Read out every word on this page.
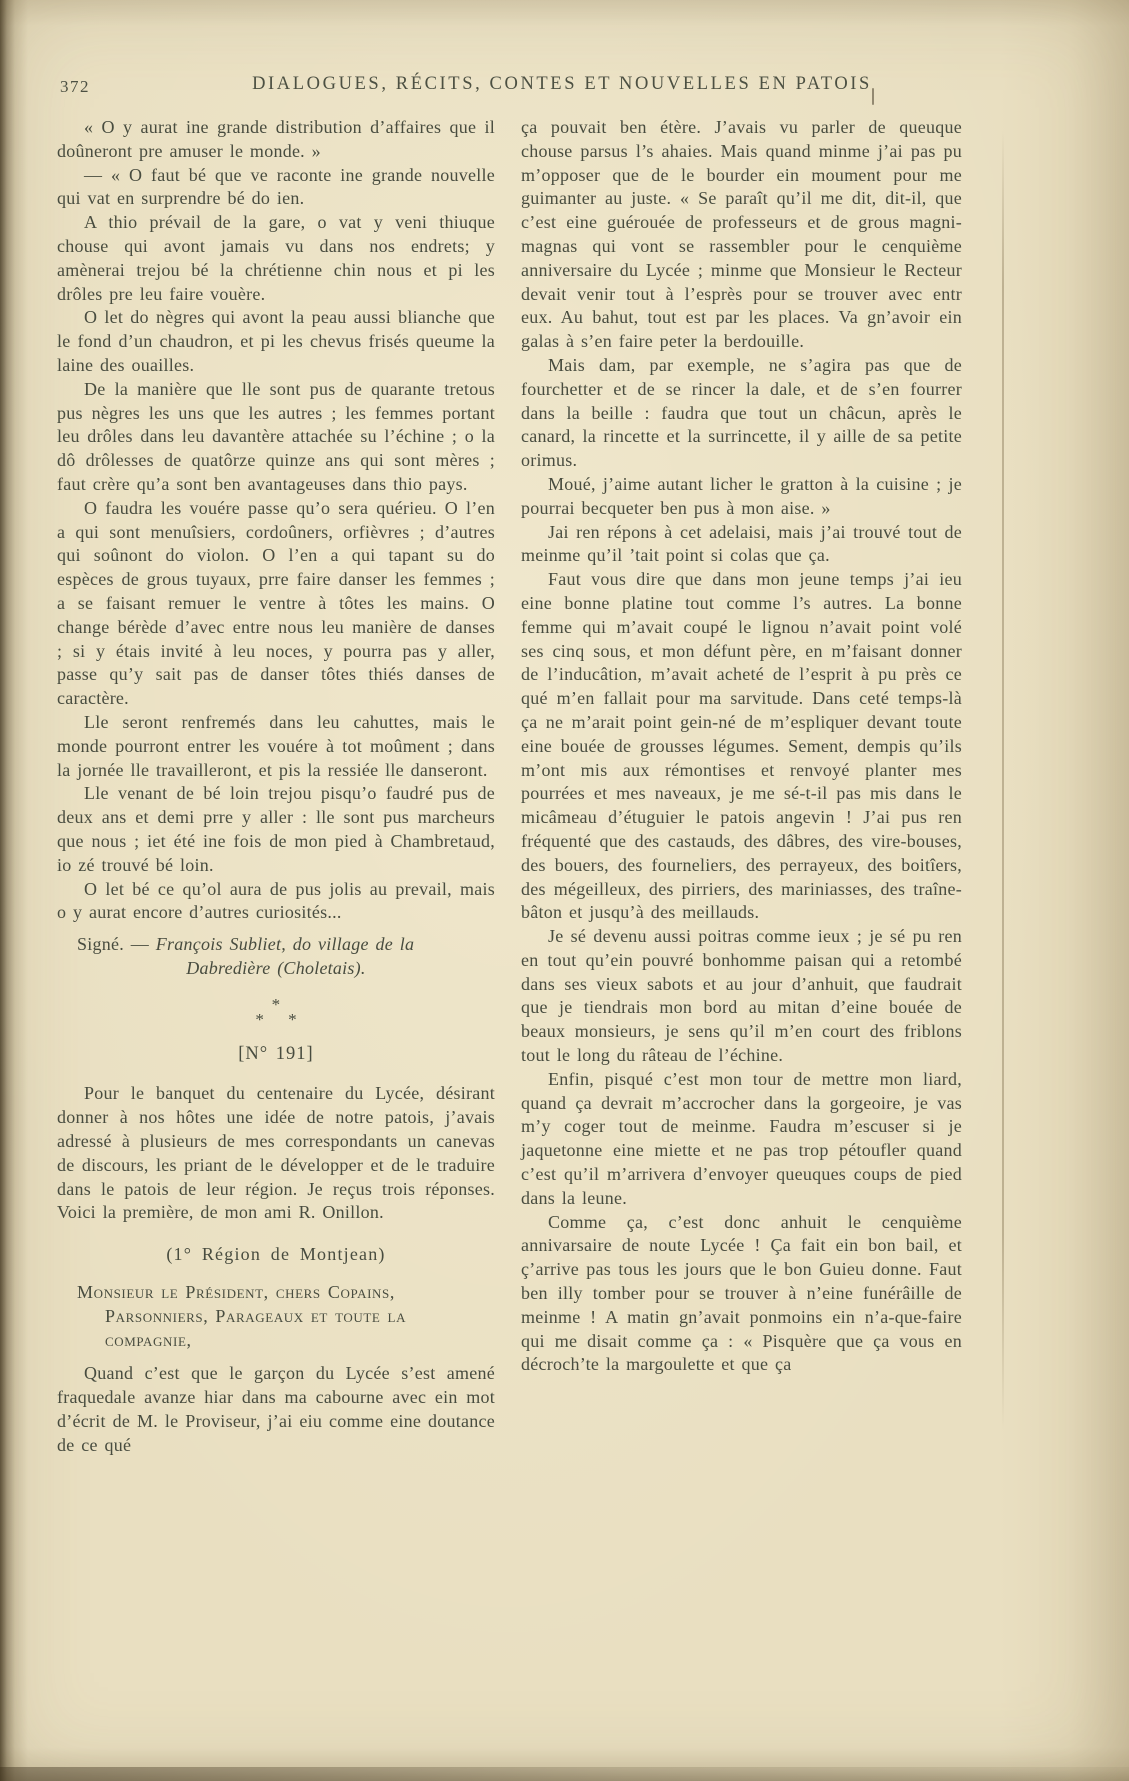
372	DIALOGUES, RÉCITS, CONTES ET NOUVELLES EN PATOIS

« O y aurat ine grande distribution d’affaires que il doûneront pre amuser le monde. »

— « O faut bé que ve raconte ine grande nouvelle qui vat en surprendre bé do ien.

A thio prévail de la gare, o vat y veni thiuque chouse qui avont jamais vu dans nos endrets; y amènerai trejou bé la chrétienne chin nous et pi les drôles pre leu faire vouère.

O let do nègres qui avont la peau aussi blianche que le fond d’un chaudron, et pi les chevus frisés queume la laine des ouailles.

De la manière que lle sont pus de quarante tretous pus nègres les uns que les autres ; les femmes portant leu drôles dans leu davantère attachée su l’échine ; o la dô drôlesses de quatôrze quinze ans qui sont mères ; faut crère qu’a sont ben avantageuses dans thio pays.

O faudra les vouére passe qu’o sera quérieu. O l’en a qui sont menuîsiers, cordoûners, orfièvres ; d’autres qui soûnont do violon. O l’en a qui tapant su do espèces de grous tuyaux, prre faire danser les femmes ; a se faisant remuer le ventre à tôtes les mains. O change bérède d’avec entre nous leu manière de danses ; si y étais invité à leu noces, y pourra pas y aller, passe qu’y sait pas de danser tôtes thiés danses de caractère.

Lle seront renfremés dans leu cahuttes, mais le monde pourront entrer les vouére à tot moûment ; dans la jornée lle travailleront, et pis la ressiée lle danseront.

Lle venant de bé loin trejou pisqu’o faudré pus de deux ans et demi prre y aller : lle sont pus marcheurs que nous ; iet été ine fois de mon pied à Chambretaud, io zé trouvé bé loin.

O let bé ce qu’ol aura de pus jolis au prevail, mais o y aurat encore d’autres curiosités...

Signé. — François Subliet, do village de la
Dabredière (Choletais).
*
* *

[N° 191]

Pour le banquet du centenaire du Lycée, désirant donner à nos hôtes une idée de notre patois, j’avais adressé à plusieurs de mes correspondants un canevas de discours, les priant de le développer et de le traduire dans le patois de leur région. Je reçus trois réponses. Voici la première, de mon ami R. Onillon.

(1° Région de Montjean)

Monsieur le Président, chers Copains,
Parsonniers, Parageaux et toute la
compagnie,

Quand c’est que le garçon du Lycée s’est amené fraquedale avanze hiar dans ma cabourne avec ein mot d’écrit de M. le Proviseur, j’ai eiu comme eine doutance de ce qué

ça pouvait ben étère. J’avais vu parler de queuque chouse parsus l’s ahaies. Mais quand minme j’ai pas pu m’opposer que de le bourder ein moument pour me guimanter au juste. « Se paraît qu’il me dit, dit-il, que c’est eine guérouée de professeurs et de grous magni-magnas qui vont se rassembler pour le cenquième anniversaire du Lycée ; minme que Monsieur le Recteur devait venir tout à l’esprès pour se trouver avec entr eux. Au bahut, tout est par les places. Va gn’avoir ein galas à s’en faire peter la berdouille.

Mais dam, par exemple, ne s’agira pas que de fourchetter et de se rincer la dale, et de s’en fourrer dans la beille : faudra que tout un châcun, après le canard, la rincette et la surrincette, il y aille de sa petite orimus.

Moué, j’aime autant licher le gratton à la cuisine ; je pourrai becqueter ben pus à mon aise. »

Jai ren répons à cet adelaisi, mais j’ai trouvé tout de meinme qu’il ’tait point si colas que ça.

Faut vous dire que dans mon jeune temps j’ai ieu eine bonne platine tout comme l’s autres. La bonne femme qui m’avait coupé le lignou n’avait point volé ses cinq sous, et mon défunt père, en m’faisant donner de l’inducâtion, m’avait acheté de l’esprit à pu près ce qué m’en fallait pour ma sarvitude. Dans ceté temps-là ça ne m’arait point gein-né de m’espliquer devant toute eine bouée de grousses légumes. Sement, dempis qu’ils m’ont mis aux rémontises et renvoyé planter mes pourrées et mes naveaux, je me sé-t-il pas mis dans le micâmeau d’étuguier le patois angevin ! J’ai pus ren fréquenté que des castauds, des dâbres, des vire-bouses, des bouers, des fourneliers, des perrayeux, des boitîers, des mégeilleux, des pirriers, des mariniasses, des traîne-bâton et jusqu’à des meillauds.

Je sé devenu aussi poitras comme ieux ; je sé pu ren en tout qu’ein pouvré bonhomme paisan qui a retombé dans ses vieux sabots et au jour d’anhuit, que faudrait que je tiendrais mon bord au mitan d’eine bouée de beaux monsieurs, je sens qu’il m’en court des friblons tout le long du râteau de l’échine.

Enfin, pisqué c’est mon tour de mettre mon liard, quand ça devrait m’accrocher dans la gorgeoire, je vas m’y coger tout de meinme. Faudra m’escuser si je jaquetonne eine miette et ne pas trop pétoufler quand c’est qu’il m’arrivera d’envoyer queuques coups de pied dans la leune.

Comme ça, c’est donc anhuit le cenquième annivarsaire de noute Lycée ! Ça fait ein bon bail, et ç’arrive pas tous les jours que le bon Guieu donne. Faut ben illy tomber pour se trouver à n’eine funérâille de meinme ! A matin gn’avait ponmoins ein n’a-que-faire qui me disait comme ça : « Pisquère que ça vous en décroch’te la margoulette et que ça
